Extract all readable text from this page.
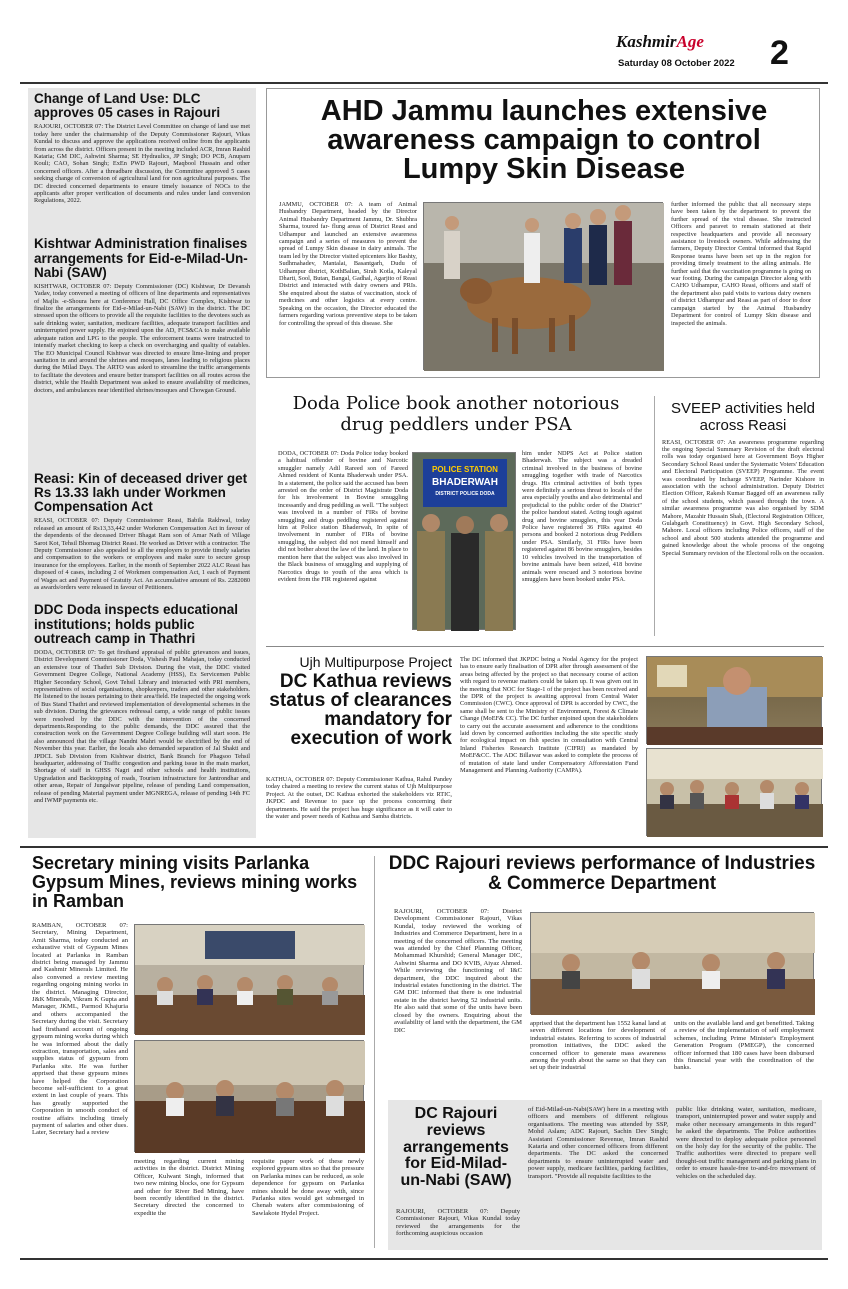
KashmirAge
Saturday 08 October 2022 2
Change of Land Use: DLC approves 05 cases in Rajouri
RAJOURI, OCTOBER 07: The District Level Committee on change of land use met today here under the chairmanship of the Deputy Commissioner Rajouri, Vikas Kundal to discuss and approve the applications received online from the applicants from across the district. Officers present in the meeting included ACR, Imran Rashid Kataria; GM DIC, Ashwini Sharma; SE Hydraulics, JP Singh; DO PCB, Anupam Kouli; CAO, Sohan Singh; ExEn PWD Rajouri, Maqbool Hussain and other concerned officers. After a threadbare discussion, the Committee approved 5 cases seeking change of conversion of agricultural land for non agricultural purposes. The DC directed concerned departments to ensure timely issuance of NOCs to the applicants after proper verification of documents and rules under land conversion Regulations, 2022.
Kishtwar Administration finalises arrangements for Eid-e-Milad-Un-Nabi (SAW)
KISHTWAR, OCTOBER 07: Deputy Commissioner (DC) Kishtwar, Dr Devansh Yadav, today convened a meeting of officers of line departments and representatives of Majlis -e-Shoura here at Conference Hall, DC Office Complex, Kishtwar to finalize the arrangements for Eid-e-Milad-un-Nabi (SAW) in the district. The DC stressed upon the officers to provide all the requisite facilities to the devotees such as safe drinking water, sanitation, medicare facilities, adequate transport facilities and uninterrupted power supply. He enjoined upon the AD, FCS&CA to make available adequate ration and LPG to the people. The enforcement teams were instructed to intensify market checking to keep a check on overcharging and quality of eatables. The EO Municipal Council Kishtwar was directed to ensure lime-lining and proper sanitation in and around the shrines and mosques, lanes leading to religious places during the Milad Days. The ARTO was asked to streamline the traffic arrangements to facilitate the devotees and ensure better transport facilities on all routes across the district, while the Health Department was asked to ensure availability of medicines, doctors, and ambulances near identified shrines/mosques and Chowgan Ground.
Reasi: Kin of deceased driver get Rs 13.33 lakh under Workmen Compensation Act
REASI, OCTOBER 07: Deputy Commissioner Reasi, Babila Rakhwal, today released an amount of Rs13,33,442 under Workmen Compensation Act in favour of the dependents of the deceased Driver Bhagat Ram son of Amar Nath of Village Sarot Kot, Tehsil Bhomag District Reasi. He worked as Driver with a contractor. The Deputy Commissioner also appealed to all the employers to provide timely salaries and compensation to the workers or employees and make sure to secure group insurance for the employees. Earlier, in the month of September 2022 ALC Reasi has disposed of 4 cases, including 2 of Workmen compensation Act, 1 each of Payment of Wages act and Payment of Gratuity Act. An accumulative amount of Rs. 2282080 as awards/orders were released in favour of Petitioners.
DDC Doda inspects educational institutions; holds public outreach camp in Thathri
DODA, OCTOBER 07: To get firsthand appraisal of public grievances and issues, District Development Commissioner Doda, Vishesh Paul Mahajan, today conducted an extensive tour of Thathri Sub Division. During the visit, the DDC visited Government Degree College, National Academy (HSS), Ex Servicemen Public Higher Secondary School, Govt Tehsil Library and interacted with PRI members, representatives of social organisations, shopkeepers, traders and other stakeholders. He listened to the issues pertaining to their area/field. He inspected the ongoing work of Bus Stand Thathri and reviewed implementation of developmental schemes in the sub division. During the grievances redressal camp, a wide range of public issues were resolved by the DDC with the intervention of the concerned departments.Responding to the public demands, the DDC assured that the construction work on the Government Degree College building will start soon. He also announced that the village Nandni Mahri would be electrified by the end of November this year. Earlier, the locals also demanded separation of Jal Shakti and JPDCL Sub Division from Kishtwar district, Bank Branch for Phagsoo Tehsil headquarter, addressing of Traffic congestion and parking issue in the main market, Shortage of staff in GHSS Nagri and other schools and health institutions, Upgradation and Backtopping of roads, Tourism infrastructure for Jantrondhar and other areas, Repair of Jungalwar pipeline, release of pending Land compensation, release of pending Material payment under MGNREGA, release of pending 14th FC and IWMP payments etc.
AHD Jammu launches extensive awareness campaign to control Lumpy Skin Disease
JAMMU, OCTOBER 07: A team of Animal Husbandry Department, headed by the Director Animal Husbandry Department Jammu, Dr. Shubhra Sharma, toured far- flung areas of District Reasi and Udhampur and launched an extensive awareness campaign and a series of measures to prevent the spread of Lumpy Skin disease in dairy animals. The team led by the Director visited epicenters like Bashty, Sudhmahadev, Mantalai, Basantgarh, Dudu of Udhampur district, KothBalian, Sirah Kotla, Kaleyal Dharti, Sool, Butan, Bangal, Gadhal, Agarjito of Reasi District and interacted with dairy owners and PRIs. She enquired about the status of vaccination, stock of medicines and other logistics at every centre. Speaking on the occasion, the Director educated the farmers regarding various preventive steps to be taken for controlling the spread of this disease. She
further informed the public that all necessary steps have been taken by the department to prevent the further spread of the viral disease. She instructed Officers and paravet to remain stationed at their respective headquarters and provide all necessary assistance to livestock owners. While addressing the farmers, Deputy Director Central informed that Rapid Response teams have been set up in the region for providing timely treatment to the ailing animals. He further said that the vaccination programme is going on war footing. During the campaign Director along with CAHO Udhampur, CAHO Reasi, officers and staff of the department also paid visits to various dairy owners of district Udhampur and Reasi as part of door to door campaign started by the Animal Husbandry Department for control of Lumpy Skin disease and inspected the animals.
Doda Police book another notorious drug peddlers under PSA
DODA, OCTOBER 07: Doda Police today booked a habitual offender of bovine and Narcotic smuggler namely Adil Rareed son of Fareed Ahmed resident of Kunta Bhaderwah under PSA. In a statement, the police said the accused has been arrested on the order of District Magistrate Doda for his involvement in Bovine smuggling incessantly and drug peddling as well. "The subject was involved in a number of FIRs of bovine smuggling and drugs peddling registered against him at Police station Bhaderwah, In spite of involvement in number of FIRs of bovine smuggling, the subject did not mend himself and did not bother about the law of the land. In place to mention here that the subject was also involved in the Black business of smuggling and supplying of Narcotics drugs to youth of the area which is evident from the FIR registered against
POLICE STATION
BHADERWAH
DISTRICT POLICE DODA
him under NDPS Act at Police station Bhaderwah. The subject was a dreaded criminal involved in the business of bovine smuggling together with trade of Narcotics drugs. His criminal activities of both types were definitely a serious threat to locals of the area especially youths and also detrimental and prejudicial to the public order of the District" the police handout stated. Acting tough against drug and bovine smugglers, this year Doda Police have registered 36 FIRs against 40 persons and booked 2 notorious drug Peddlers under PSA. Similarly, 31 FIRs have been registered against 86 bovine smugglers, besides 10 vehicles involved in the transportation of bovine animals have been seized, 418 bovine animals were rescued and 3 notorious bovine smugglers have been booked under PSA.
SVEEP activities held across Reasi
REASI, OCTOBER 07: An awareness programme regarding the ongoing Special Summary Revision of the draft electoral rolls was today organised here at Government Boys Higher Secondary School Reasi under the Systematic Voters' Education and Electoral Participation (SVEEP) Programme. The event was coordinated by Incharge SVEEP, Narinder Kishore in association with the school administration. Deputy District Election Officer, Rakesh Kumar Bagged off an awareness rally of the school students, which passed through the town. A similar awareness programme was also organised by SDM Mahore, Mazahir Hussain Shah, (Electoral Registration Officer, Gulabgarh Constituency) in Govt. High Secondary School, Mahore. Local officers including Police officers, staff of the school and about 500 students attended the programme and gained knowledge about the whole process of the ongoing Special Summary revision of the Electoral rolls on the occasion.
Ujh Multipurpose Project
DC Kathua reviews status of clearances mandatory for execution of work
KATHUA, OCTOBER 07: Deputy Commissioner Kathua, Rahul Pandey today chaired a meeting to review the current status of Ujh Multipurpose Project. At the outset, DC Kathua exhorted the stakeholders viz RTIC, JKPDC and Revenue to pace up the process concerning their departments. He said the project has huge significance as it will cater to the water and power needs of Kathua and Samba districts.
The DC informed that JKPDC being a Nodal Agency for the project has to ensure early finalisation of DPR after through assessment of the areas being affected by the project so that necessary course of action with regard to revenue matters could be taken up. It was given out in the meeting that NOC for Stage-1 of the project has been received and the DPR of the project is awaiting approval from Central Water Commission (CWC). Once approval of DPR is accorded by CWC, the same shall be sent to the Ministry of Environment, Forest & Climate Change (MoEF& CC). The DC further enjoined upon the stakeholders to carry out the accurate assessment and adherence to the conditions laid down by concerned authorities including the site specific study for ecological impact on fish species in consultation with Central Inland Fisheries Research Institute (CIFRI) as mandated by MoEF&CC. The ADC Billawar was asked to complete the process of of mutation of state land under Compensatory Afforestation Fund Management and Planning Authority (CAMPA).
Secretary mining visits Parlanka Gypsum Mines, reviews mining works in Ramban
RAMBAN, OCTOBER 07: Secretary, Mining Department, Amit Sharma, today conducted an exhaustive visit of Gypsum Mines located at Parlanka in Ramban district being managed by Jammu and Kashmir Minerals Limited. He also convened a review meeting regarding ongoing mining works in the district. Managing Director, J&K Minerals, Vikram K Gupta and Manager, JKML, Parmod Khajuria and others accompanied the Secretary during the visit. Secretary had firsthand account of ongoing gypsum mining works during which he was informed about the daily extraction, transportation, sales and supplies status of gypsum from Parlanka site. He was further apprised that these gypsum mines have helped the Corporation become self-sufficient to a great extent in last couple of years. This has greatly supported the Corporation in smooth conduct of routine affairs including timely payment of salaries and other dues. Later, Secretary had a review
meeting regarding current mining activities in the district. District Mining Officer, Kulwant Singh, informed that two new mining blocks, one for Gypsum and other for River Bed Mining, have been recently identified in the district. Secretary directed the concerned to expedite the
requisite paper work of these newly explored gypsum sites so that the pressure on Parlanka mines can be reduced, as sole dependence for gypsum on Parlanka mines should be done away with, since Parlanka sites would get submerged in Chenab waters after commissioning of Sawlakote Hydel Project.
DDC Rajouri reviews performance of Industries & Commerce Department
RAJOURI, OCTOBER 07: District Development Commissioner Rajouri, Vikas Kundal, today reviewed the working of Industries and Commerce Department, here in a meeting of the concerned officers. The meeting was attended by the Chief Planning Officer, Mohammad Khurshid; General Manager DIC, Ashwini Sharma and DO KVIB, Aiyaz Ahmed. While reviewing the functioning of I&C department, the DDC inquired about the industrial estates functioning in the district. The GM DIC informed that there is one industrial estate in the district having 52 industrial units. He also said that some of the units have been closed by the owners. Enquiring about the availability of land with the department, the GM DIC
apprised that the department has 1552 kanal land at seven different locations for development of industrial estates. Referring to scores of industrial promotion initiatives, the DDC asked the concerned officer to generate mass awareness among the youth about the same so that they can set up their industrial
units on the available land and get benefitted. Taking a review of the implementation of self employment schemes, including Prime Minister's Employment Generation Program (PMEGP), the concerned officer informed that 180 cases have been disbursed this financial year with the coordination of the banks.
DC Rajouri reviews arrangements for Eid-Milad-un-Nabi (SAW)
RAJOURI, OCTOBER 07: Deputy Commissioner Rajouri, Vikas Kundal today reviewed the arrangements for the forthcoming auspicious occasion
of Eid-Milad-un-Nabi(SAW) here in a meeting with officers and members of different religious organisations. The meeting was attended by SSP, Mohd Aslam; ADC Rajouri, Sachin Dev Singh; Assistant Commissioner Revenue, Imran Rashid Kataria and other concerned officers from different departments. The DC asked the concerned departments to ensure uninterrupted water and power supply, medicare facilities, parking facilities, transport. "Provide all requisite facilities to the
public like drinking water, sanitation, medicare, transport, uninterrupted power and water supply and make other necessary arrangements in this regard" he asked the departments. The Police authorities were directed to deploy adequate police personnel on the holy day for the security of the public. The Traffic authorities were directed to prepare well thought-out traffic management and parking plans in order to ensure hassle-free to-and-fro movement of vehicles on the scheduled day.
